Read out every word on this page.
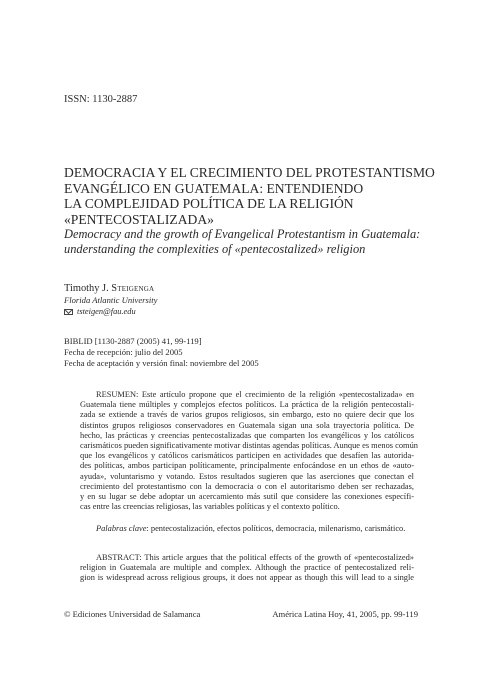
ISSN: 1130-2887
DEMOCRACIA Y EL CRECIMIENTO DEL PROTESTANTISMO
EVANGÉLICO EN GUATEMALA: ENTENDIENDO
LA COMPLEJIDAD POLÍTICA DE LA RELIGIÓN
«PENTECOSTALIZADA»
Democracy and the growth of Evangelical Protestantism in Guatemala:
understanding the complexities of «pentecostalized» religion
Timothy J. Steigenga
Florida Atlantic University
tsteigen@fau.edu
BIBLID [1130-2887 (2005) 41, 99-119]
Fecha de recepción: julio del 2005
Fecha de aceptación y versión final: noviembre del 2005
RESUMEN: Este artículo propone que el crecimiento de la religión «pentecostalizada» en
Guatemala tiene múltiples y complejos efectos políticos. La práctica de la religión pentecostali-
zada se extiende a través de varios grupos religiosos, sin embargo, esto no quiere decir que los
distintos grupos religiosos conservadores en Guatemala sigan una sola trayectoria política. De
hecho, las prácticas y creencias pentecostalizadas que comparten los evangélicos y los católicos
carismáticos pueden significativamente motivar distintas agendas políticas. Aunque es menos común
que los evangélicos y católicos carismáticos participen en actividades que desafíen las autorida-
des políticas, ambos participan políticamente, principalmente enfocándose en un ethos de «auto-
ayuda», voluntarismo y votando. Estos resultados sugieren que las aserciones que conectan el
crecimiento del protestantismo con la democracia o con el autoritarismo deben ser rechazadas,
y en su lugar se debe adoptar un acercamiento más sutil que considere las conexiones específi-
cas entre las creencias religiosas, las variables políticas y el contexto político.
Palabras clave: pentecostalización, efectos políticos, democracia, milenarismo, carismático.
ABSTRACT: This article argues that the political effects of the growth of «pentecostalized»
religion in Guatemala are multiple and complex. Although the practice of pentecostalized reli-
gion is widespread across religious groups, it does not appear as though this will lead to a single
© Ediciones Universidad de Salamanca	América Latina Hoy, 41, 2005, pp. 99-119
